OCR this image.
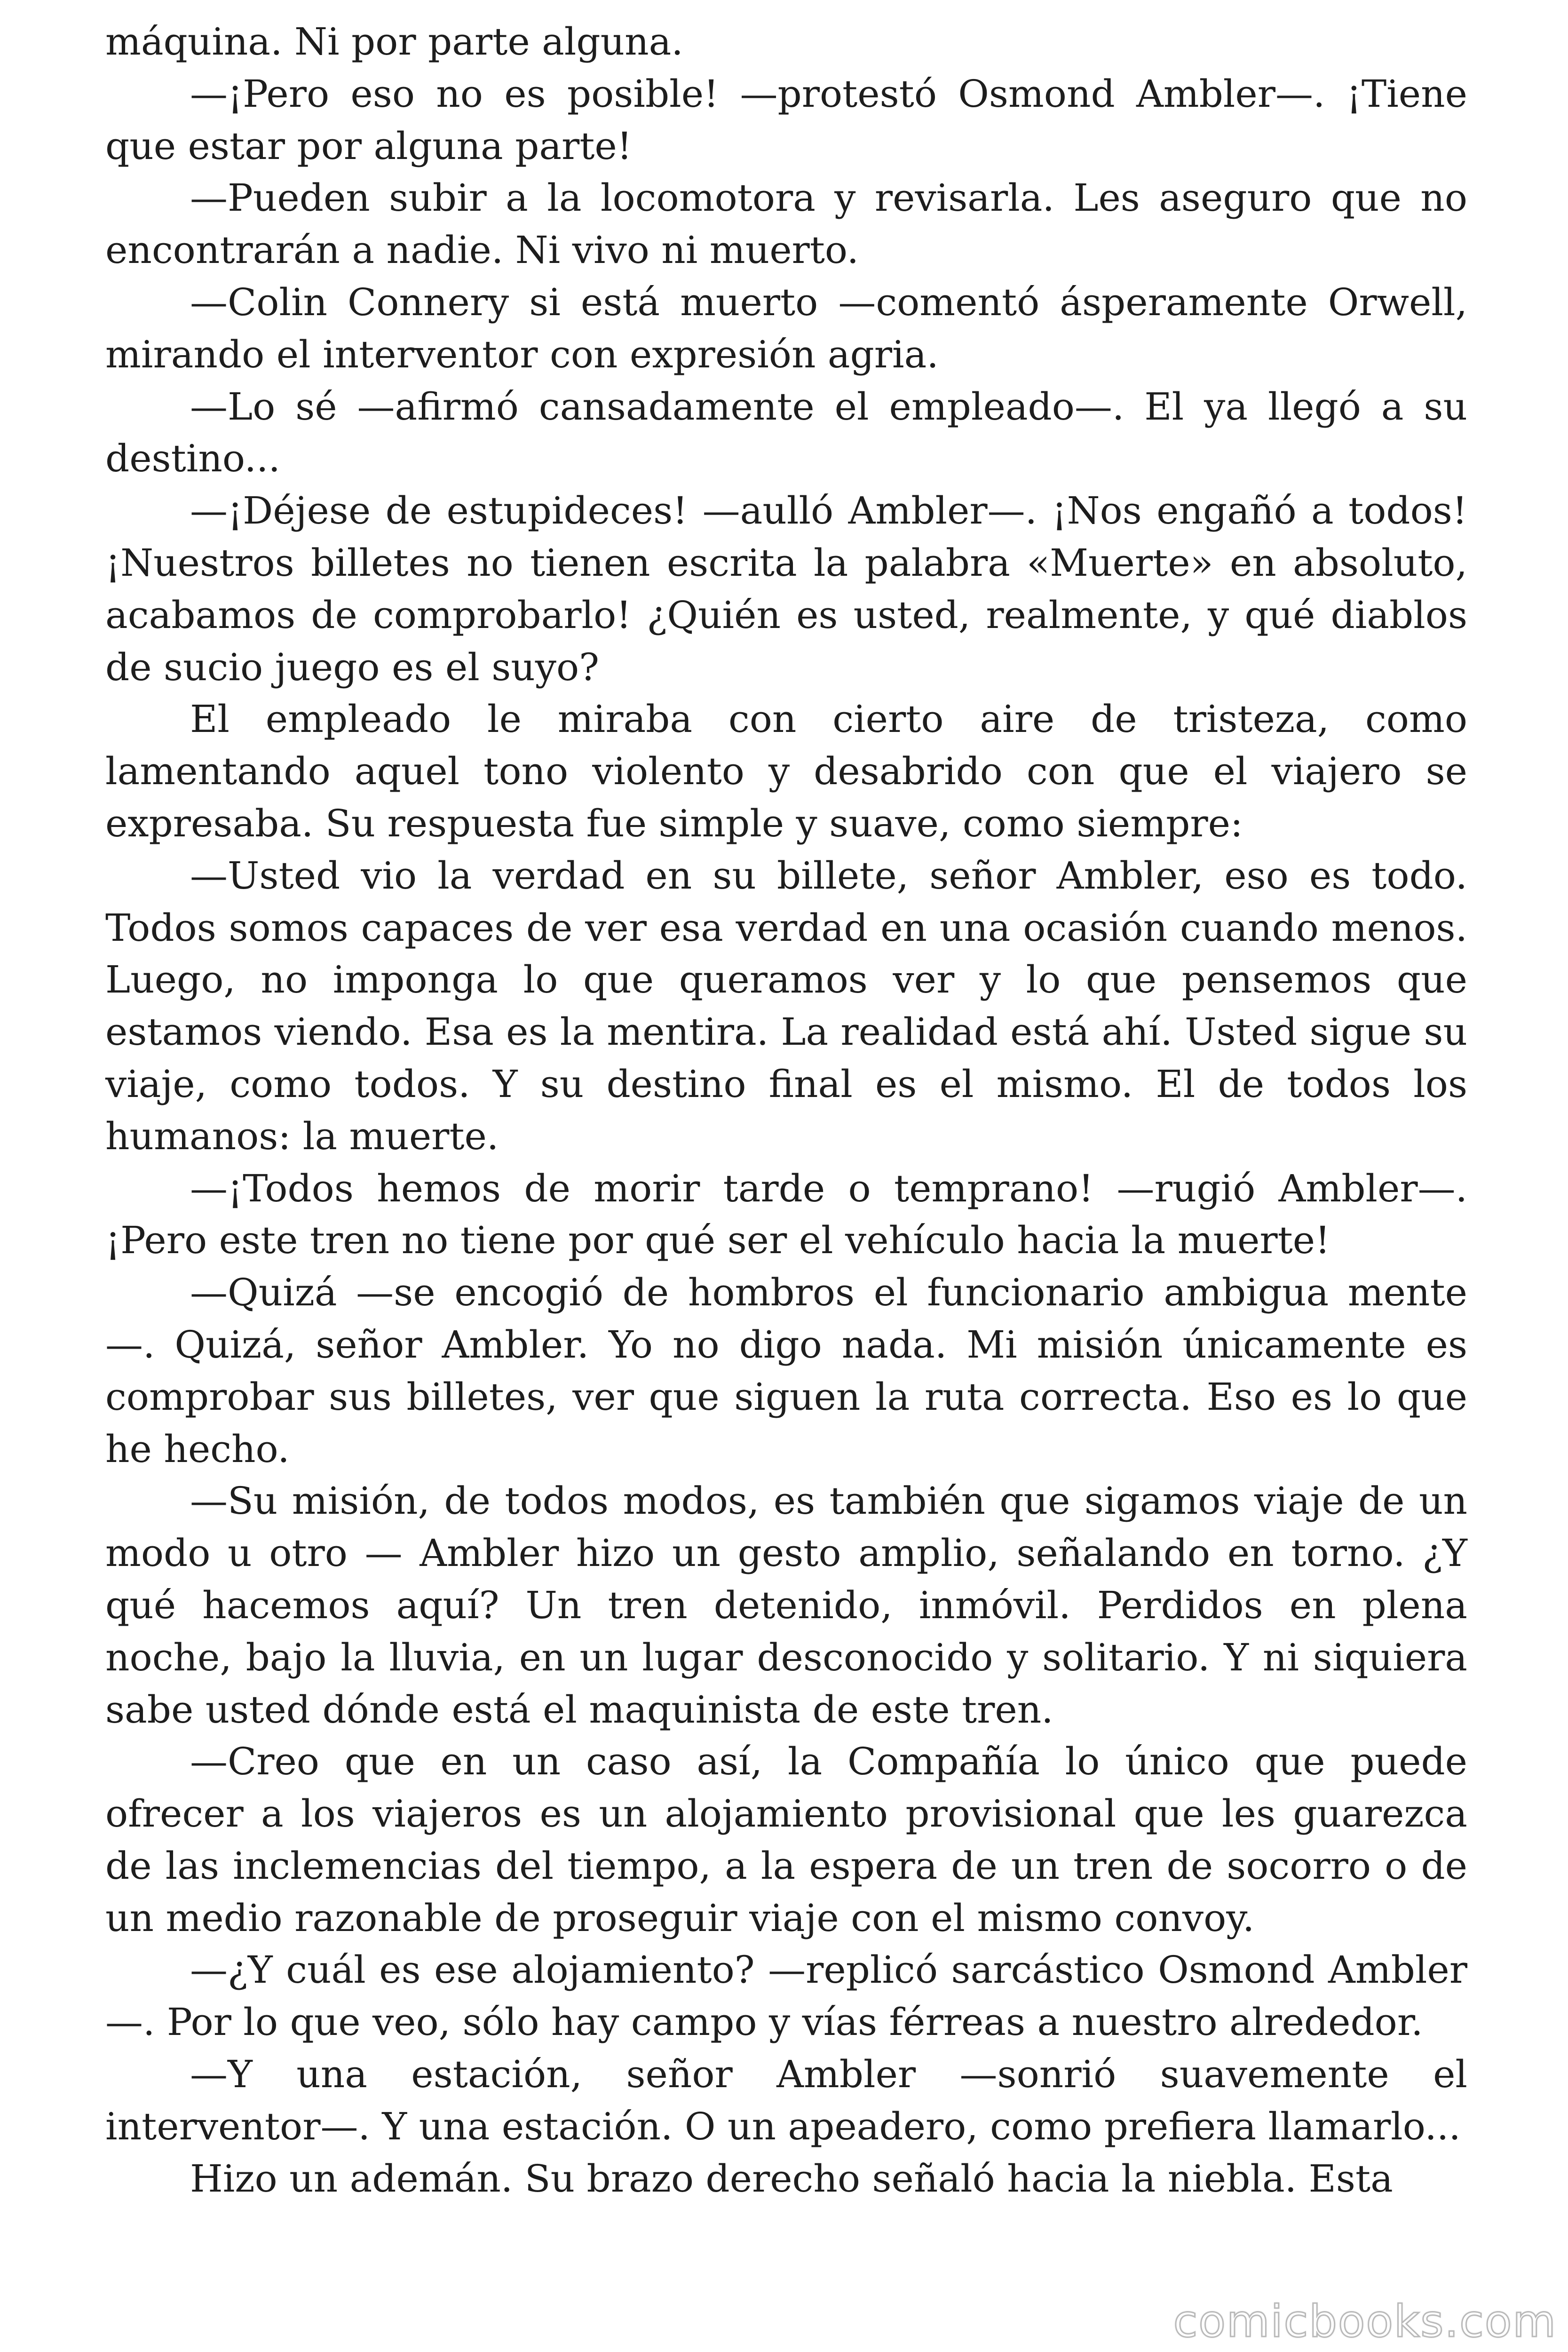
máquina. Ni por parte alguna.

—¡Pero eso no es posible! —protestó Osmond Ambler—. ¡Tiene que estar por alguna parte!

—Pueden subir a la locomotora y revisarla. Les aseguro que no encontrarán a nadie. Ni vivo ni muerto.

—Colin Connery si está muerto —comentó ásperamente Orwell, mirando el interventor con expresión agria.

—Lo sé —afirmó cansadamente el empleado—. El ya llegó a su destino...

—¡Déjese de estupideces! —aulló Ambler—. ¡Nos engañó a todos! ¡Nuestros billetes no tienen escrita la palabra «Muerte» en absoluto, acabamos de comprobarlo! ¿Quién es usted, realmente, y qué diablos de sucio juego es el suyo?

El empleado le miraba con cierto aire de tristeza, como lamentando aquel tono violento y desabrido con que el viajero se expresaba. Su respuesta fue simple y suave, como siempre:

—Usted vio la verdad en su billete, señor Ambler, eso es todo. Todos somos capaces de ver esa verdad en una ocasión cuando menos. Luego, no imponga lo que queramos ver y lo que pensemos que estamos viendo. Esa es la mentira. La realidad está ahí. Usted sigue su viaje, como todos. Y su destino final es el mismo. El de todos los humanos: la muerte.

—¡Todos hemos de morir tarde o temprano! —rugió Ambler—. ¡Pero este tren no tiene por qué ser el vehículo hacia la muerte!

—Quizá —se encogió de hombros el funcionario ambigua mente —. Quizá, señor Ambler. Yo no digo nada. Mi misión únicamente es comprobar sus billetes, ver que siguen la ruta correcta. Eso es lo que he hecho.

—Su misión, de todos modos, es también que sigamos viaje de un modo u otro — Ambler hizo un gesto amplio, señalando en torno. ¿Y qué hacemos aquí? Un tren detenido, inmóvil. Perdidos en plena noche, bajo la lluvia, en un lugar desconocido y solitario. Y ni siquiera sabe usted dónde está el maquinista de este tren.

—Creo que en un caso así, la Compañía lo único que puede ofrecer a los viajeros es un alojamiento provisional que les guarezca de las inclemencias del tiempo, a la espera de un tren de socorro o de un medio razonable de proseguir viaje con el mismo convoy.

—¿Y cuál es ese alojamiento? —replicó sarcástico Osmond Ambler—. Por lo que veo, sólo hay campo y vías férreas a nuestro alrededor.

—Y una estación, señor Ambler —sonrió suavemente el interventor—. Y una estación. O un apeadero, como prefiera llamarlo...

Hizo un ademán. Su brazo derecho señaló hacia la niebla. Esta

comicbooks.com
